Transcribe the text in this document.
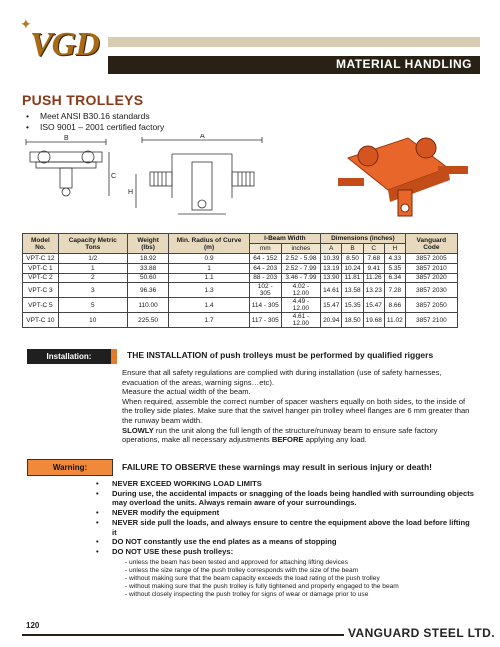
✦
VGD
MATERIAL HANDLING
PUSH TROLLEYS
• Meet ANSI B30.16 standards
• ISO 9001 – 2001 certified factory
B
C
A
H
Model No.	Capacity Metric Tons	Weight (lbs)	Min. Radius of Curve (m)	I-Beam Width		Dimensions (inches)				Vanguard Code
				mm	inches	A	B	C	H	
VPT-C 12	1/2	18.92	0.9	64 - 152	2.52 - 5.98	10.39	8.50	7.68	4.33	3857 2005
VPT-C 1	1	33.88	1	64 - 203	2.52 - 7.99	13.19	10.24	9.41	5.35	3857 2010
VPT-C 2	2	50.60	1.1	88 - 203	3.46 - 7.99	13.90	11.81	11.26	6.34	3857 2020
VPT-C 3	3	96.36	1.3	102 - 305	4.02 - 12.00	14.61	13.58	13.23	7.28	3857 2030
VPT-C 5	5	110.00	1.4	114 - 305	4.49 - 12.00	15.47	15.35	15.47	8.66	3857 2050
VPT-C 10	10	225.50	1.7	117 - 305	4.61 - 12.00	20.94	18.50	19.68	11.02	3857 2100
Installation:	THE INSTALLATION of push trolleys must be performed by qualified riggers

Ensure that all safety regulations are complied with during installation (use of safety harnesses, evacuation of the areas, warning signs…etc).

Measure the actual width of the beam.

When required, assemble the correct number of spacer washers equally on both sides, to the inside of the trolley side plates. Make sure that the swivel hanger pin trolley wheel flanges are 6 mm greater than the runway beam width.

SLOWLY run the unit along the full length of the structure/runway beam to ensure safe factory operations, make all necessary adjustments BEFORE applying any load.

Warning:	FAILURE TO OBSERVE these warnings may result in serious injury or death!
• NEVER EXCEED WORKING LOAD LIMITS
• During use, the accidental impacts or snagging of the loads being handled with surrounding objects may overload the units. Always remain aware of your surroundings.
• NEVER modify the equipment
• NEVER side pull the loads, and always ensure to centre the equipment above the load before lifting it
• DO NOT constantly use the end plates as a means of stopping
• DO NOT USE these push trolleys:
- unless the beam has been tested and approved for attaching lifting devices
- unless the size range of the push trolley corresponds with the size of the beam
- without making sure that the beam capacity exceeds the load rating of the push trolley
- without making sure that the push trolley is fully tightened and properly engaged to the beam
- without closely inspecting the push trolley for signs of wear or damage prior to use
120
VANGUARD STEEL LTD.
